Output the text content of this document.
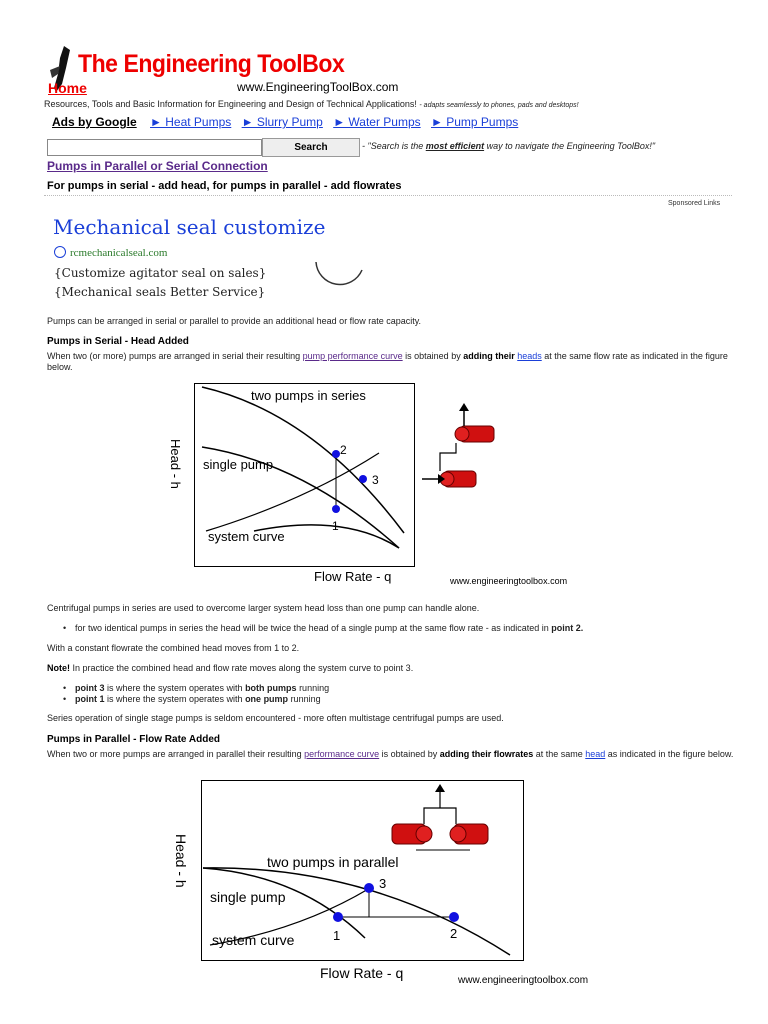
The Engineering ToolBox
www.EngineeringToolBox.com
Home
Resources, Tools and Basic Information for Engineering and Design of Technical Applications! - adapts seamlessly to phones, pads and desktops!
Ads by Google ► Heat Pumps ► Slurry Pump ► Water Pumps ► Pump Pumps
Search	- "Search is the most efficient way to navigate the Engineering ToolBox!"
Pumps in Parallel or Serial Connection
For pumps in serial - add head, for pumps in parallel - add flowrates
Sponsored Links
Mechanical seal customize
rcmechanicalseal.com
{Customize agitator seal on sales}
{Mechanical seals Better Service}
Pumps can be arranged in serial or parallel to provide an additional head or flow rate capacity.
Pumps in Serial - Head Added
When two (or more) pumps are arranged in serial their resulting pump performance curve is obtained by adding their heads at the same flow rate as indicated in the figure below.
two pumps in series
single pump
system curve
2
3
1
Flow Rate - q	www.engineeringtoolbox.com
Head - h
Centrifugal pumps in series are used to overcome larger system head loss than one pump can handle alone.
• for two identical pumps in series the head will be twice the head of a single pump at the same flow rate - as indicated in point 2.
With a constant flowrate the combined head moves from 1 to 2.
Note! In practice the combined head and flow rate moves along the system curve to point 3.
• point 3 is where the system operates with both pumps running
• point 1 is where the system operates with one pump running
Series operation of single stage pumps is seldom encountered - more often multistage centrifugal pumps are used.
Pumps in Parallel - Flow Rate Added
When two or more pumps are arranged in parallel their resulting performance curve is obtained by adding their flowrates at the same head as indicated in the figure below.
two pumps in parallel
single pump
system curve
3
1	2
Flow Rate - q	www.engineeringtoolbox.com
Head - h
